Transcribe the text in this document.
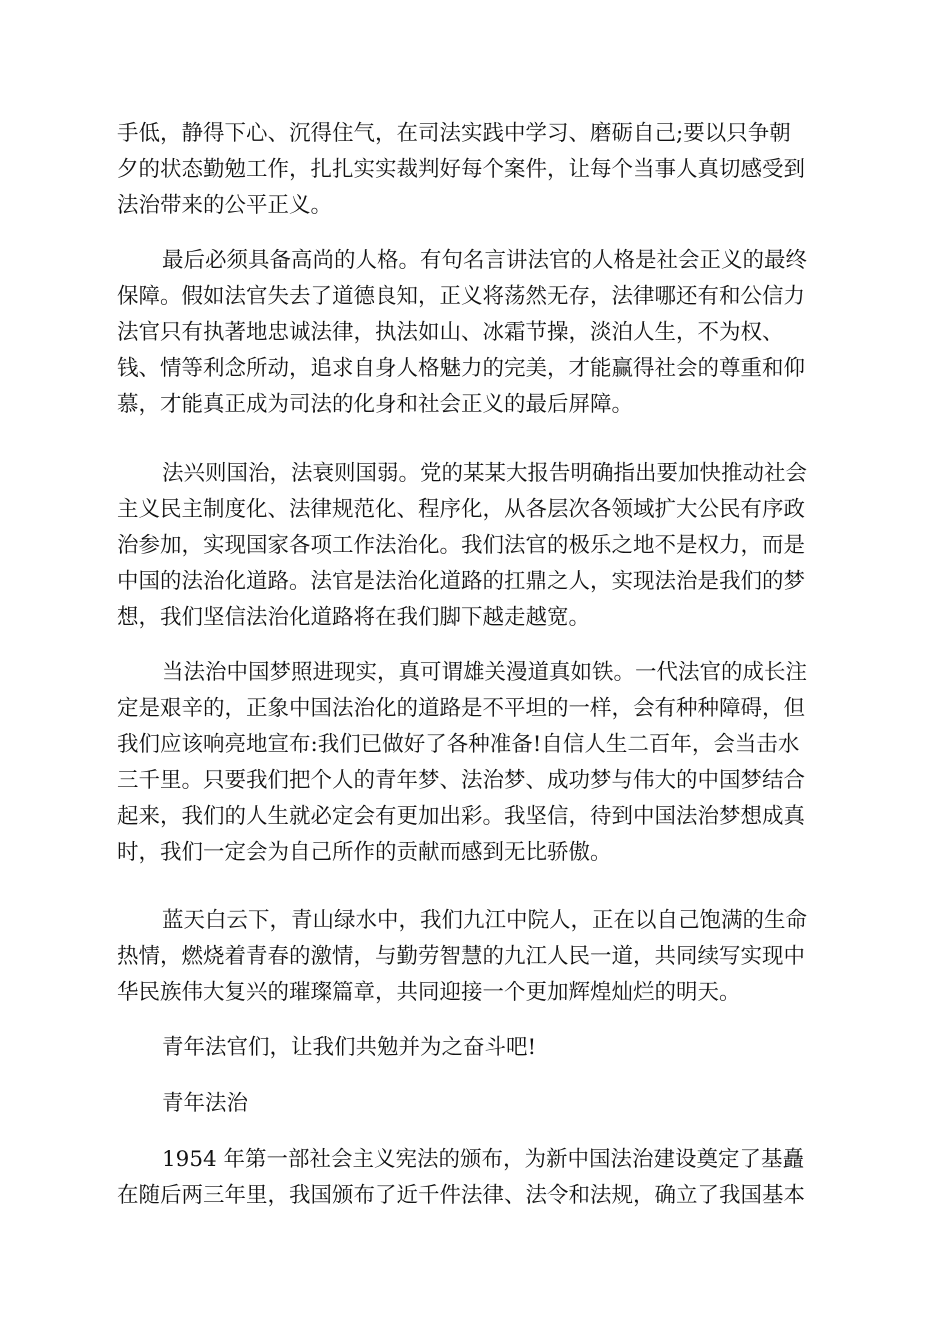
手低，静得下心、沉得住气，在司法实践中学习、磨砺自己;要以只争朝
夕的状态勤勉工作，扎扎实实裁判好每个案件，让每个当事人真切感受到
法治带来的公平正义。
最后必须具备高尚的人格。有句名言讲法官的人格是社会正义的最终
保障。假如法官失去了道德良知，正义将荡然无存，法律哪还有和公信力
法官只有执著地忠诚法律，执法如山、冰霜节操，淡泊人生，不为权、
钱、情等利念所动，追求自身人格魅力的完美，才能赢得社会的尊重和仰
慕，才能真正成为司法的化身和社会正义的最后屏障。
法兴则国治，法衰则国弱。党的某某大报告明确指出要加快推动社会
主义民主制度化、法律规范化、程序化，从各层次各领域扩大公民有序政
治参加，实现国家各项工作法治化。我们法官的极乐之地不是权力，而是
中国的法治化道路。法官是法治化道路的扛鼎之人，实现法治是我们的梦
想，我们坚信法治化道路将在我们脚下越走越宽。
当法治中国梦照进现实，真可谓雄关漫道真如铁。一代法官的成长注
定是艰辛的，正象中国法治化的道路是不平坦的一样，会有种种障碍，但
我们应该响亮地宣布:我们已做好了各种准备!自信人生二百年，会当击水
三千里。只要我们把个人的青年梦、法治梦、成功梦与伟大的中国梦结合
起来，我们的人生就必定会有更加出彩。我坚信，待到中国法治梦想成真
时，我们一定会为自己所作的贡献而感到无比骄傲。
蓝天白云下，青山绿水中，我们九江中院人，正在以自己饱满的生命
热情，燃烧着青春的激情，与勤劳智慧的九江人民一道，共同续写实现中
华民族伟大复兴的璀璨篇章，共同迎接一个更加辉煌灿烂的明天。
青年法官们，让我们共勉并为之奋斗吧!
青年法治
1954 年第一部社会主义宪法的颁布，为新中国法治建设奠定了基矗
在随后两三年里，我国颁布了近千件法律、法令和法规，确立了我国基本
